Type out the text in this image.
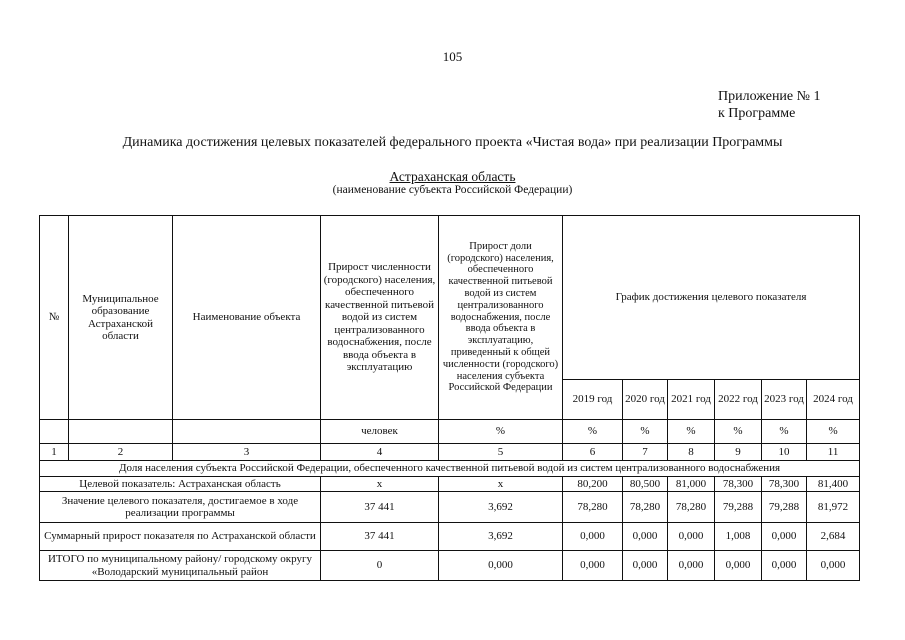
105
Приложение № 1
к Программе
Динамика достижения целевых показателей федерального проекта «Чистая вода» при реализации Программы
Астраханская область
(наименование субъекта Российской Федерации)
№	Муниципальное образование Астраханской области	Наименование объекта	Прирост численности (городского) населения, обеспеченного качественной питьевой водой из систем централизованного водоснабжения, после ввода объекта в эксплуатацию	Прирост доли (городского) населения, обеспеченного качественной питьевой водой из систем централизованного водоснабжения, после ввода объекта в эксплуатацию, приведенный к общей численности (городского) населения субъекта Российской Федерации	График достижения целевого показателя					
					2019 год	2020 год	2021 год	2022 год	2023 год	2024 год
			человек	%	%	%	%	%	%	%
1	2	3	4	5	6	7	8	9	10	11
Доля населения субъекта Российской Федерации, обеспеченного качественной питьевой водой из систем централизованного водоснабжения										
Целевой показатель: Астраханская область			x	x	80,200	80,500	81,000	78,300	78,300	81,400
Значение целевого показателя, достигаемое в ходе реализации программы			37 441	3,692	78,280	78,280	78,280	79,288	79,288	81,972
Суммарный прирост показателя по Астраханской области			37 441	3,692	0,000	0,000	0,000	1,008	0,000	2,684
ИТОГО по муниципальному району/ городскому округу «Володарский муниципальный район			0	0,000	0,000	0,000	0,000	0,000	0,000	0,000
